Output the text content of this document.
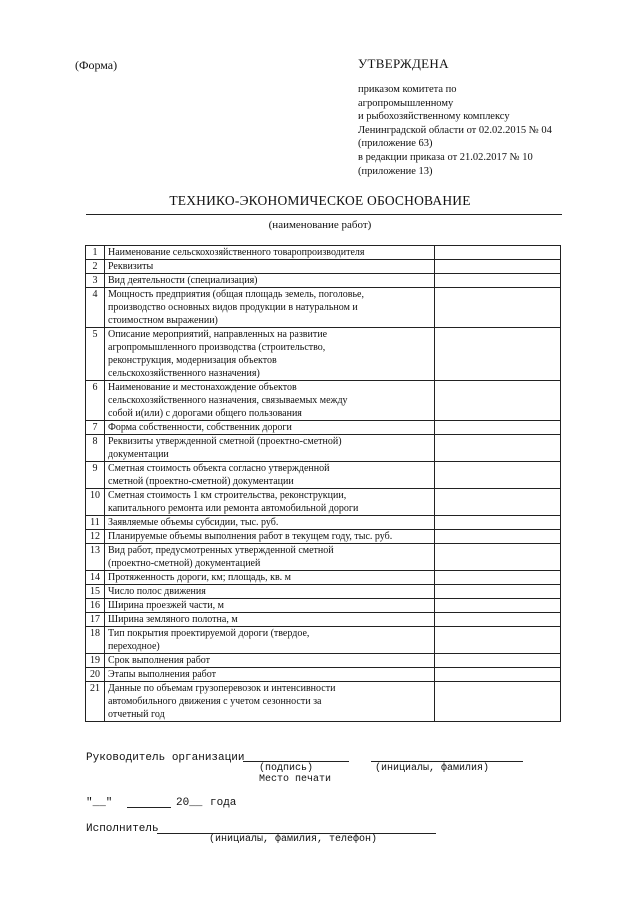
(Форма)	УТВЕРЖДЕНА
приказом комитета по
агропромышленному
и рыбохозяйственному комплексу
Ленинградской области от 02.02.2015 № 04
(приложение 63)
в редакции приказа от 21.02.2017 № 10
(приложение 13)
ТЕХНИКО-ЭКОНОМИЧЕСКОЕ ОБОСНОВАНИЕ
(наименование работ)
1	Наименование сельскохозяйственного товаропроизводителя	

2	Реквизиты	

3	Вид деятельности (специализация)	

4	Мощность предприятия (общая площадь земель, поголовье,
производство основных видов продукции в натуральном и
стоимостном выражении)	

5	Описание мероприятий, направленных на развитие
агропромышленного производства (строительство,
реконструкция, модернизация объектов
сельскохозяйственного назначения)	

6	Наименование и местонахождение объектов
сельскохозяйственного назначения, связываемых между
собой и(или) с дорогами общего пользования	

7	Форма собственности, собственник дороги	

8	Реквизиты утвержденной сметной (проектно-сметной)
документации	

9	Сметная стоимость объекта согласно утвержденной
сметной (проектно-сметной) документации	

10	Сметная стоимость 1 км строительства, реконструкции,
капитального ремонта или ремонта автомобильной дороги	

11	Заявляемые объемы субсидии, тыс. руб.	

12	Планируемые объемы выполнения работ в текущем году, тыс. руб.	

13	Вид работ, предусмотренных утвержденной сметной
(проектно-сметной) документацией	

14	Протяженность дороги, км; площадь, кв. м	

15	Число полос движения	

16	Ширина проезжей части, м	

17	Ширина земляного полотна, м	

18	Тип покрытия проектируемой дороги (твердое,
переходное)	

19	Срок выполнения работ	

20	Этапы выполнения работ	

21	Данные по объемам грузоперевозок и интенсивности
автомобильного движения с учетом сезонности за
отчетный год	

Руководитель организации
(подпись)	(инициалы, фамилия)
Место печати
"__"	20__ года
Исполнитель
(инициалы, фамилия, телефон)
